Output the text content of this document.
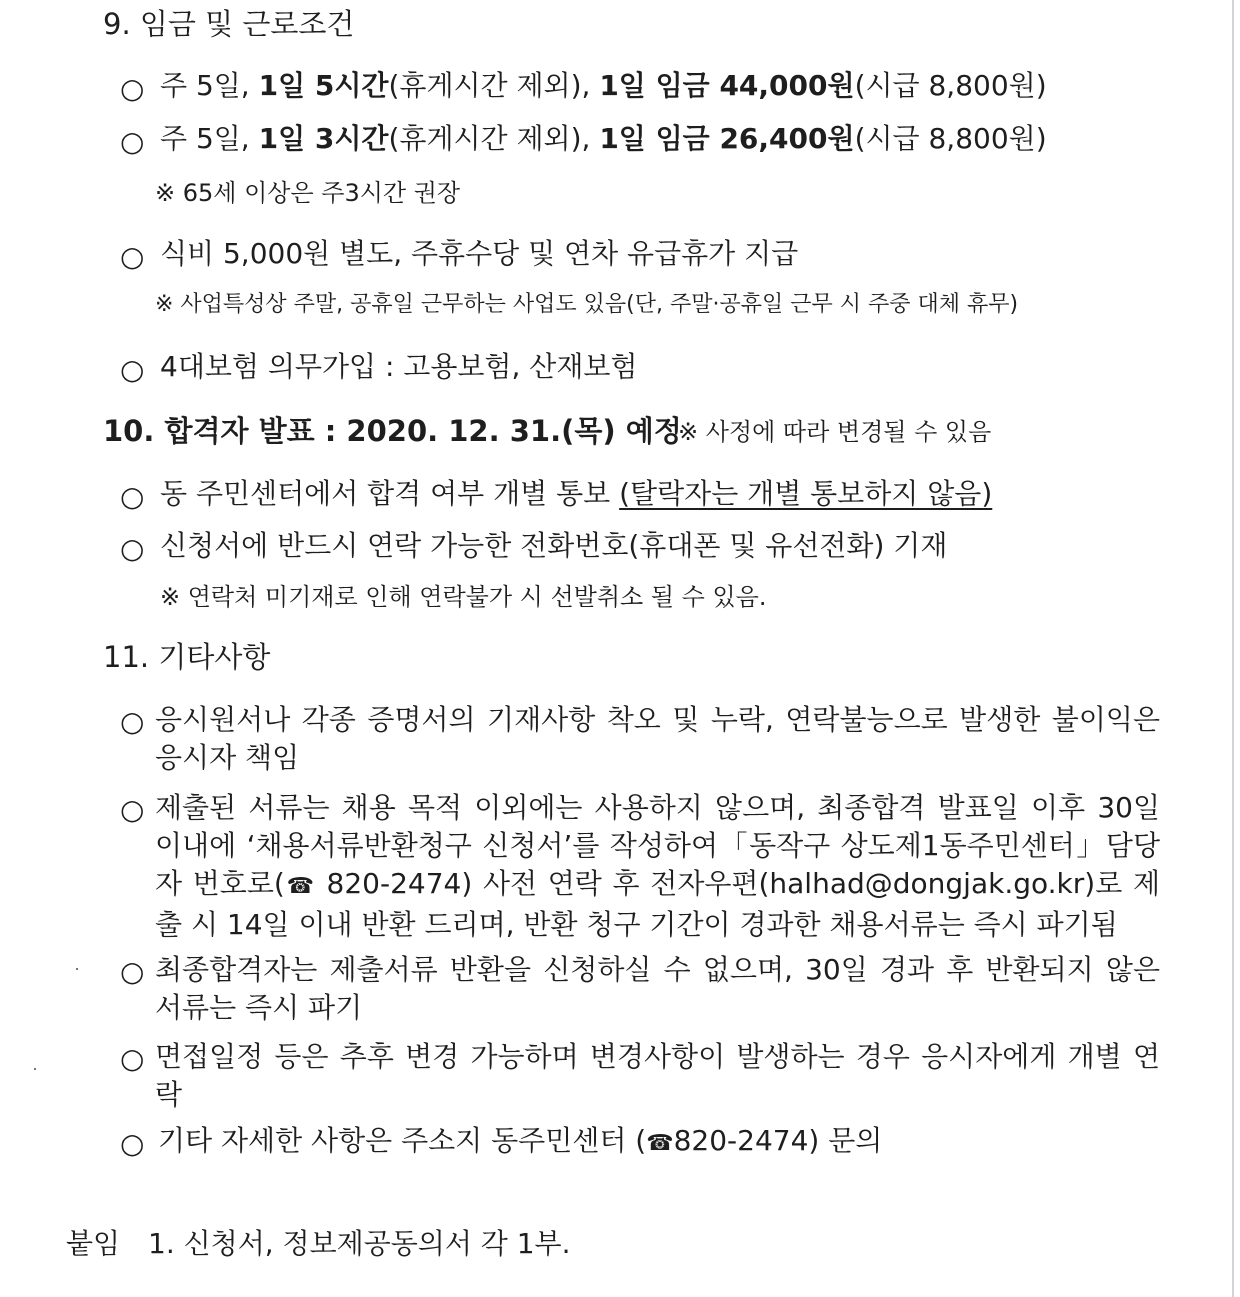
9. 임금 및 근로조건
○ 주 5일, 1일 5시간(휴게시간 제외), 1일 임금 44,000원(시급 8,800원)
○ 주 5일, 1일 3시간(휴게시간 제외), 1일 임금 26,400원(시급 8,800원)
※ 65세 이상은 주3시간 권장
○ 식비 5,000원 별도, 주휴수당 및 연차 유급휴가 지급
※ 사업특성상 주말, 공휴일 근무하는 사업도 있음(단, 주말·공휴일 근무 시 주중 대체 휴무)
○ 4대보험 의무가입 : 고용보험, 산재보험
10. 합격자 발표 : 2020. 12. 31.(목) 예정
※ 사정에 따라 변경될 수 있음
○ 동 주민센터에서 합격 여부 개별 통보 (탈락자는 개별 통보하지 않음)
○ 신청서에 반드시 연락 가능한 전화번호(휴대폰 및 유선전화) 기재
※ 연락처 미기재로 인해 연락불가 시 선발취소 될 수 있음.
11. 기타사항
○ 응시원서나 각종 증명서의 기재사항 착오 및 누락, 연락불능으로 발생한 불이익은 응시자 책임
○ 제출된 서류는 채용 목적 이외에는 사용하지 않으며, 최종합격 발표일 이후 30일 이내에 ‘채용서류반환청구 신청서’를 작성하여「동작구 상도제1동주민센터」담당자 번호로(☎ 820-2474) 사전 연락 후 전자우편(halhad@dongjak.go.kr)로 제출 시 14일 이내 반환 드리며, 반환 청구 기간이 경과한 채용서류는 즉시 파기됨
○ 최종합격자는 제출서류 반환을 신청하실 수 없으며, 30일 경과 후 반환되지 않은 서류는 즉시 파기
○ 면접일정 등은 추후 변경 가능하며 변경사항이 발생하는 경우 응시자에게 개별 연락
○ 기타 자세한 사항은 주소지 동주민센터 (☎820-2474) 문의
붙임 1. 신청서, 정보제공동의서 각 1부.
